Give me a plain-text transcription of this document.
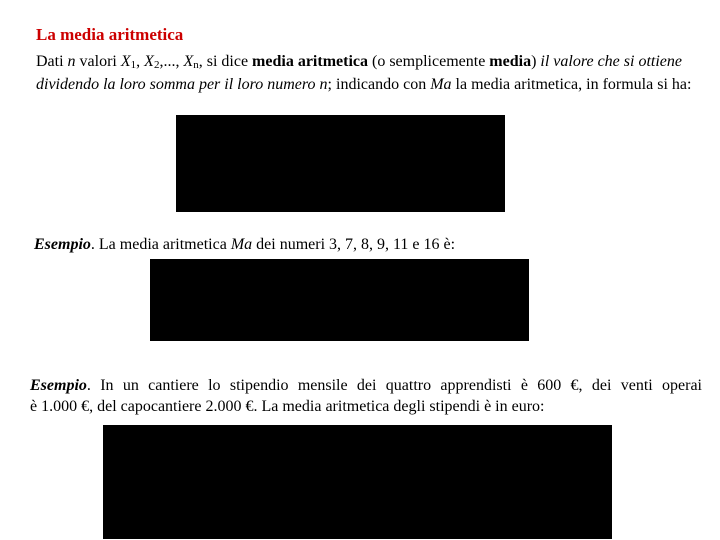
La media aritmetica
Dati n valori X1, X2,..., Xn, si dice media aritmetica (o semplicemente media) il valore che si ottiene dividendo la loro somma per il loro numero n; indicando con Ma la media aritmetica, in formula si ha:
Esempio. La media aritmetica Ma dei numeri 3, 7, 8, 9, 11 e 16 è:
Esempio. In un cantiere lo stipendio mensile dei quattro apprendisti è 600 €, dei venti operai
è 1.000 €, del capocantiere 2.000 €. La media aritmetica degli stipendi è in euro:
